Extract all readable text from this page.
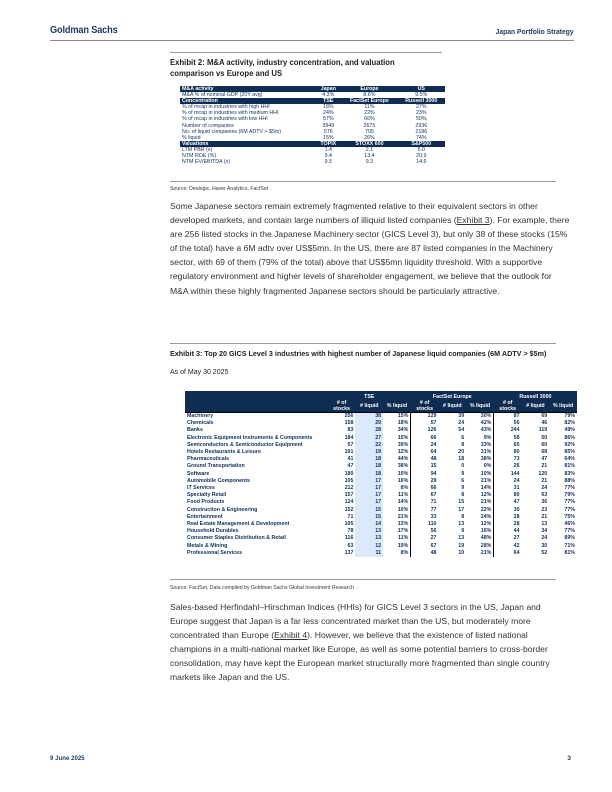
Goldman Sachs	Japan Portfolio Strategy
Exhibit 2: M&A activity, industry concentration, and valuation comparison vs Europe and US
M&A activity	Japan	Europe	US
M&A % of nominal GDP (20Y avg)	4.3%	8.6%	9.5%
Concentration	TSE	FactSet Europe	Russell 3000
% of mcap in industries with high HHI	18%	11%	27%
% of mcap in industries with medium HHI	24%	22%	23%
% of mcap in industries with low HHI	57%	66%	50%
Number of companies	3949	2675	2936
No. of liquid companies (6M ADTV > $5m)	576	705	2186
% liquid	15%	26%	74%
Valuations	TOPIX	STOXX 600	S&P500
LTM PBR (x)	1.4	2.1	5.0
NTM ROE (%)	9.4	13.4	20.9
NTM EV/EBITDA (x)	9.5	9.3	14.6
Source: Dealogic, Haver Analytics, FactSet
Some Japanese sectors remain extremely fragmented relative to their equivalent sectors in other developed markets, and contain large numbers of illiquid listed companies (Exhibit 3). For example, there are 256 listed stocks in the Japanese Machinery sector (GICS Level 3), but only 38 of these stocks (15% of the total) have a 6M adtv over US$5mn. In the US, there are 87 listed companies in the Machinery sector, with 69 of them (79% of the total) above that US$5mn liquidity threshold. With a supportive regulatory environment and higher levels of shareholder engagement, we believe that the outlook for M&A within these highly fragmented Japanese sectors should be particularly attractive.
Exhibit 3: Top 20 GICS Level 3 industries with highest number of Japanese liquid companies (6M ADTV > $5m)
As of May 30 2025
	TSE			FactSet Europe			Russell 3000		
	# of stocks	# liquid	% liquid	# of stocks	# liquid	% liquid	# of stocks	# liquid	% liquid
Machinery	256	38	15%	129	39	30%	87	69	79%
Chemicals	158	29	18%	57	24	42%	56	46	82%
Banks	83	28	34%	126	54	43%	244	119	49%
Electronic Equipment Instruments & Components	184	27	15%	66	6	9%	58	50	86%
Semiconductors & Semiconductor Equipment	57	22	39%	24	8	33%	65	60	92%
Hotels Restaurants & Leisure	161	19	12%	64	20	31%	80	68	85%
Pharmaceuticals	41	18	44%	48	18	38%	73	47	64%
Ground Transportation	47	18	38%	15	0	0%	26	21	81%
Software	180	18	10%	94	9	10%	144	120	83%
Automobile Components	105	17	16%	29	6	21%	24	21	88%
IT Services	212	17	8%	66	9	14%	31	24	77%
Specialty Retail	157	17	11%	67	8	12%	80	63	79%
Food Products	124	17	14%	71	15	21%	47	36	77%
Construction & Engineering	152	15	10%	77	17	22%	30	23	77%
Entertainment	71	15	21%	33	8	24%	28	21	75%
Real Estate Management & Development	105	14	13%	110	13	12%	28	13	46%
Household Durables	78	13	17%	56	9	16%	44	34	77%
Consumer Staples Distribution & Retail	116	13	11%	27	13	48%	27	24	89%
Metals & Mining	63	12	19%	67	19	28%	42	30	71%
Professional Services	137	11	8%	48	10	21%	64	52	81%
Source: FactSet, Data compiled by Goldman Sachs Global Investment Research
Sales-based Herfindahl–Hirschman Indices (HHIs) for GICS Level 3 sectors in the US, Japan and Europe suggest that Japan is a far less concentrated market than the US, but moderately more concentrated than Europe (Exhibit 4). However, we believe that the existence of listed national champions in a multi-national market like Europe, as well as some potential barriers to cross-border consolidation, may have kept the European market structurally more fragmented than single country markets like Japan and the US.
9 June 2025	3
